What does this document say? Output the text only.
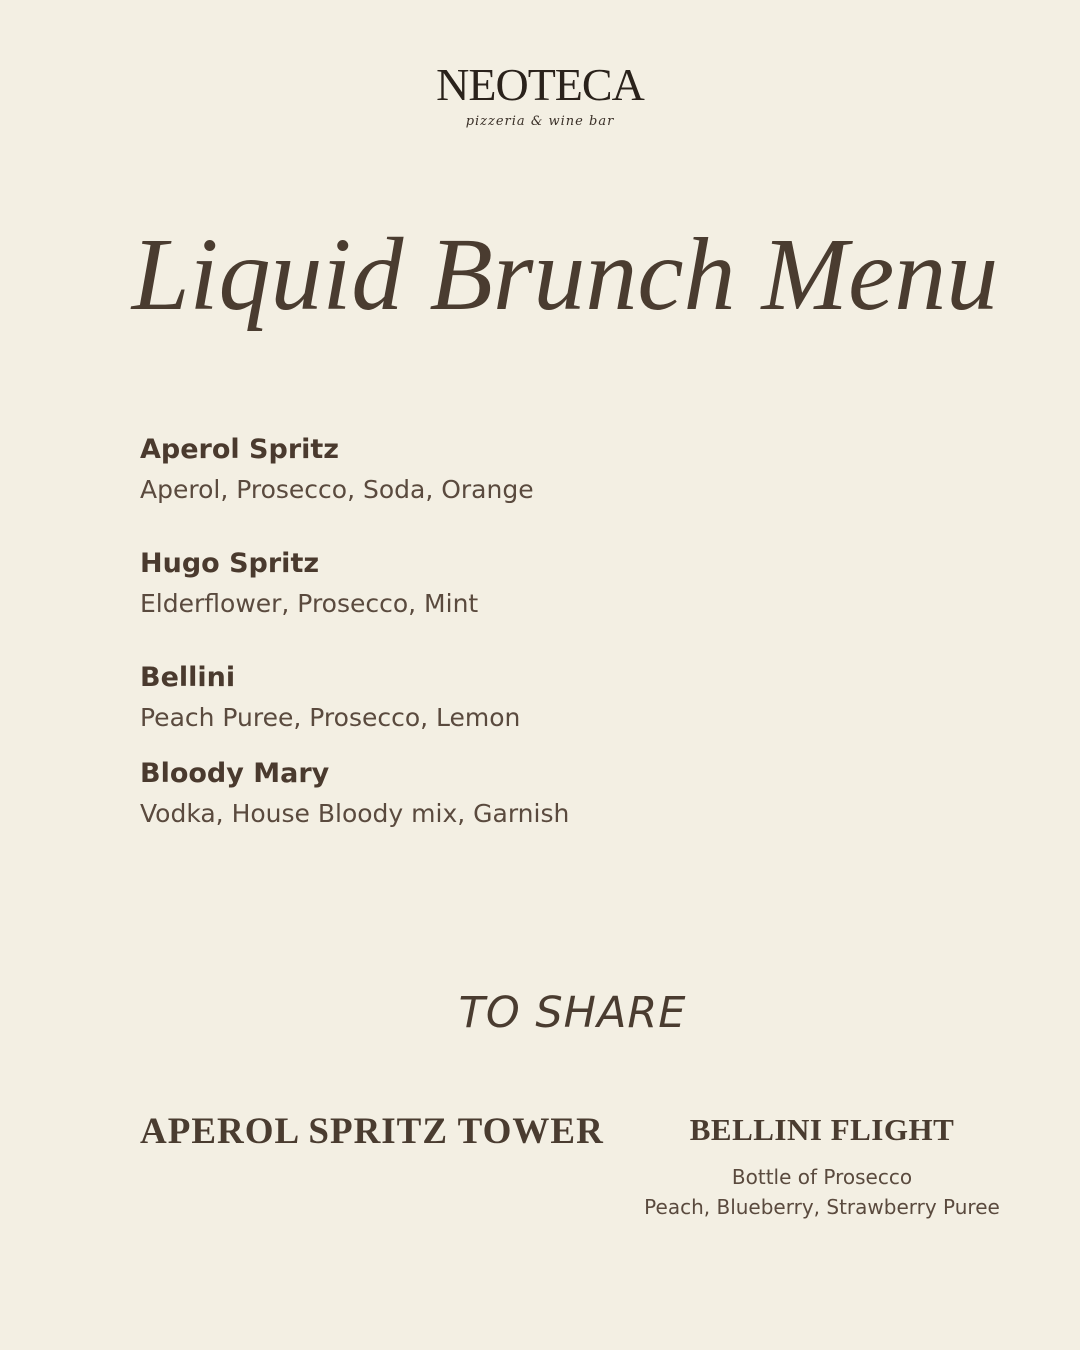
NEOTECA
pizzeria & wine bar
Liquid Brunch Menu
Aperol Spritz
Aperol, Prosecco, Soda, Orange
Hugo Spritz
Elderflower, Prosecco, Mint
Bellini
Peach Puree, Prosecco, Lemon
Bloody Mary
Vodka, House Bloody mix, Garnish
TO SHARE
APEROL SPRITZ TOWER	BELLINI FLIGHT
Bottle of Prosecco
Peach, Blueberry, Strawberry Puree
